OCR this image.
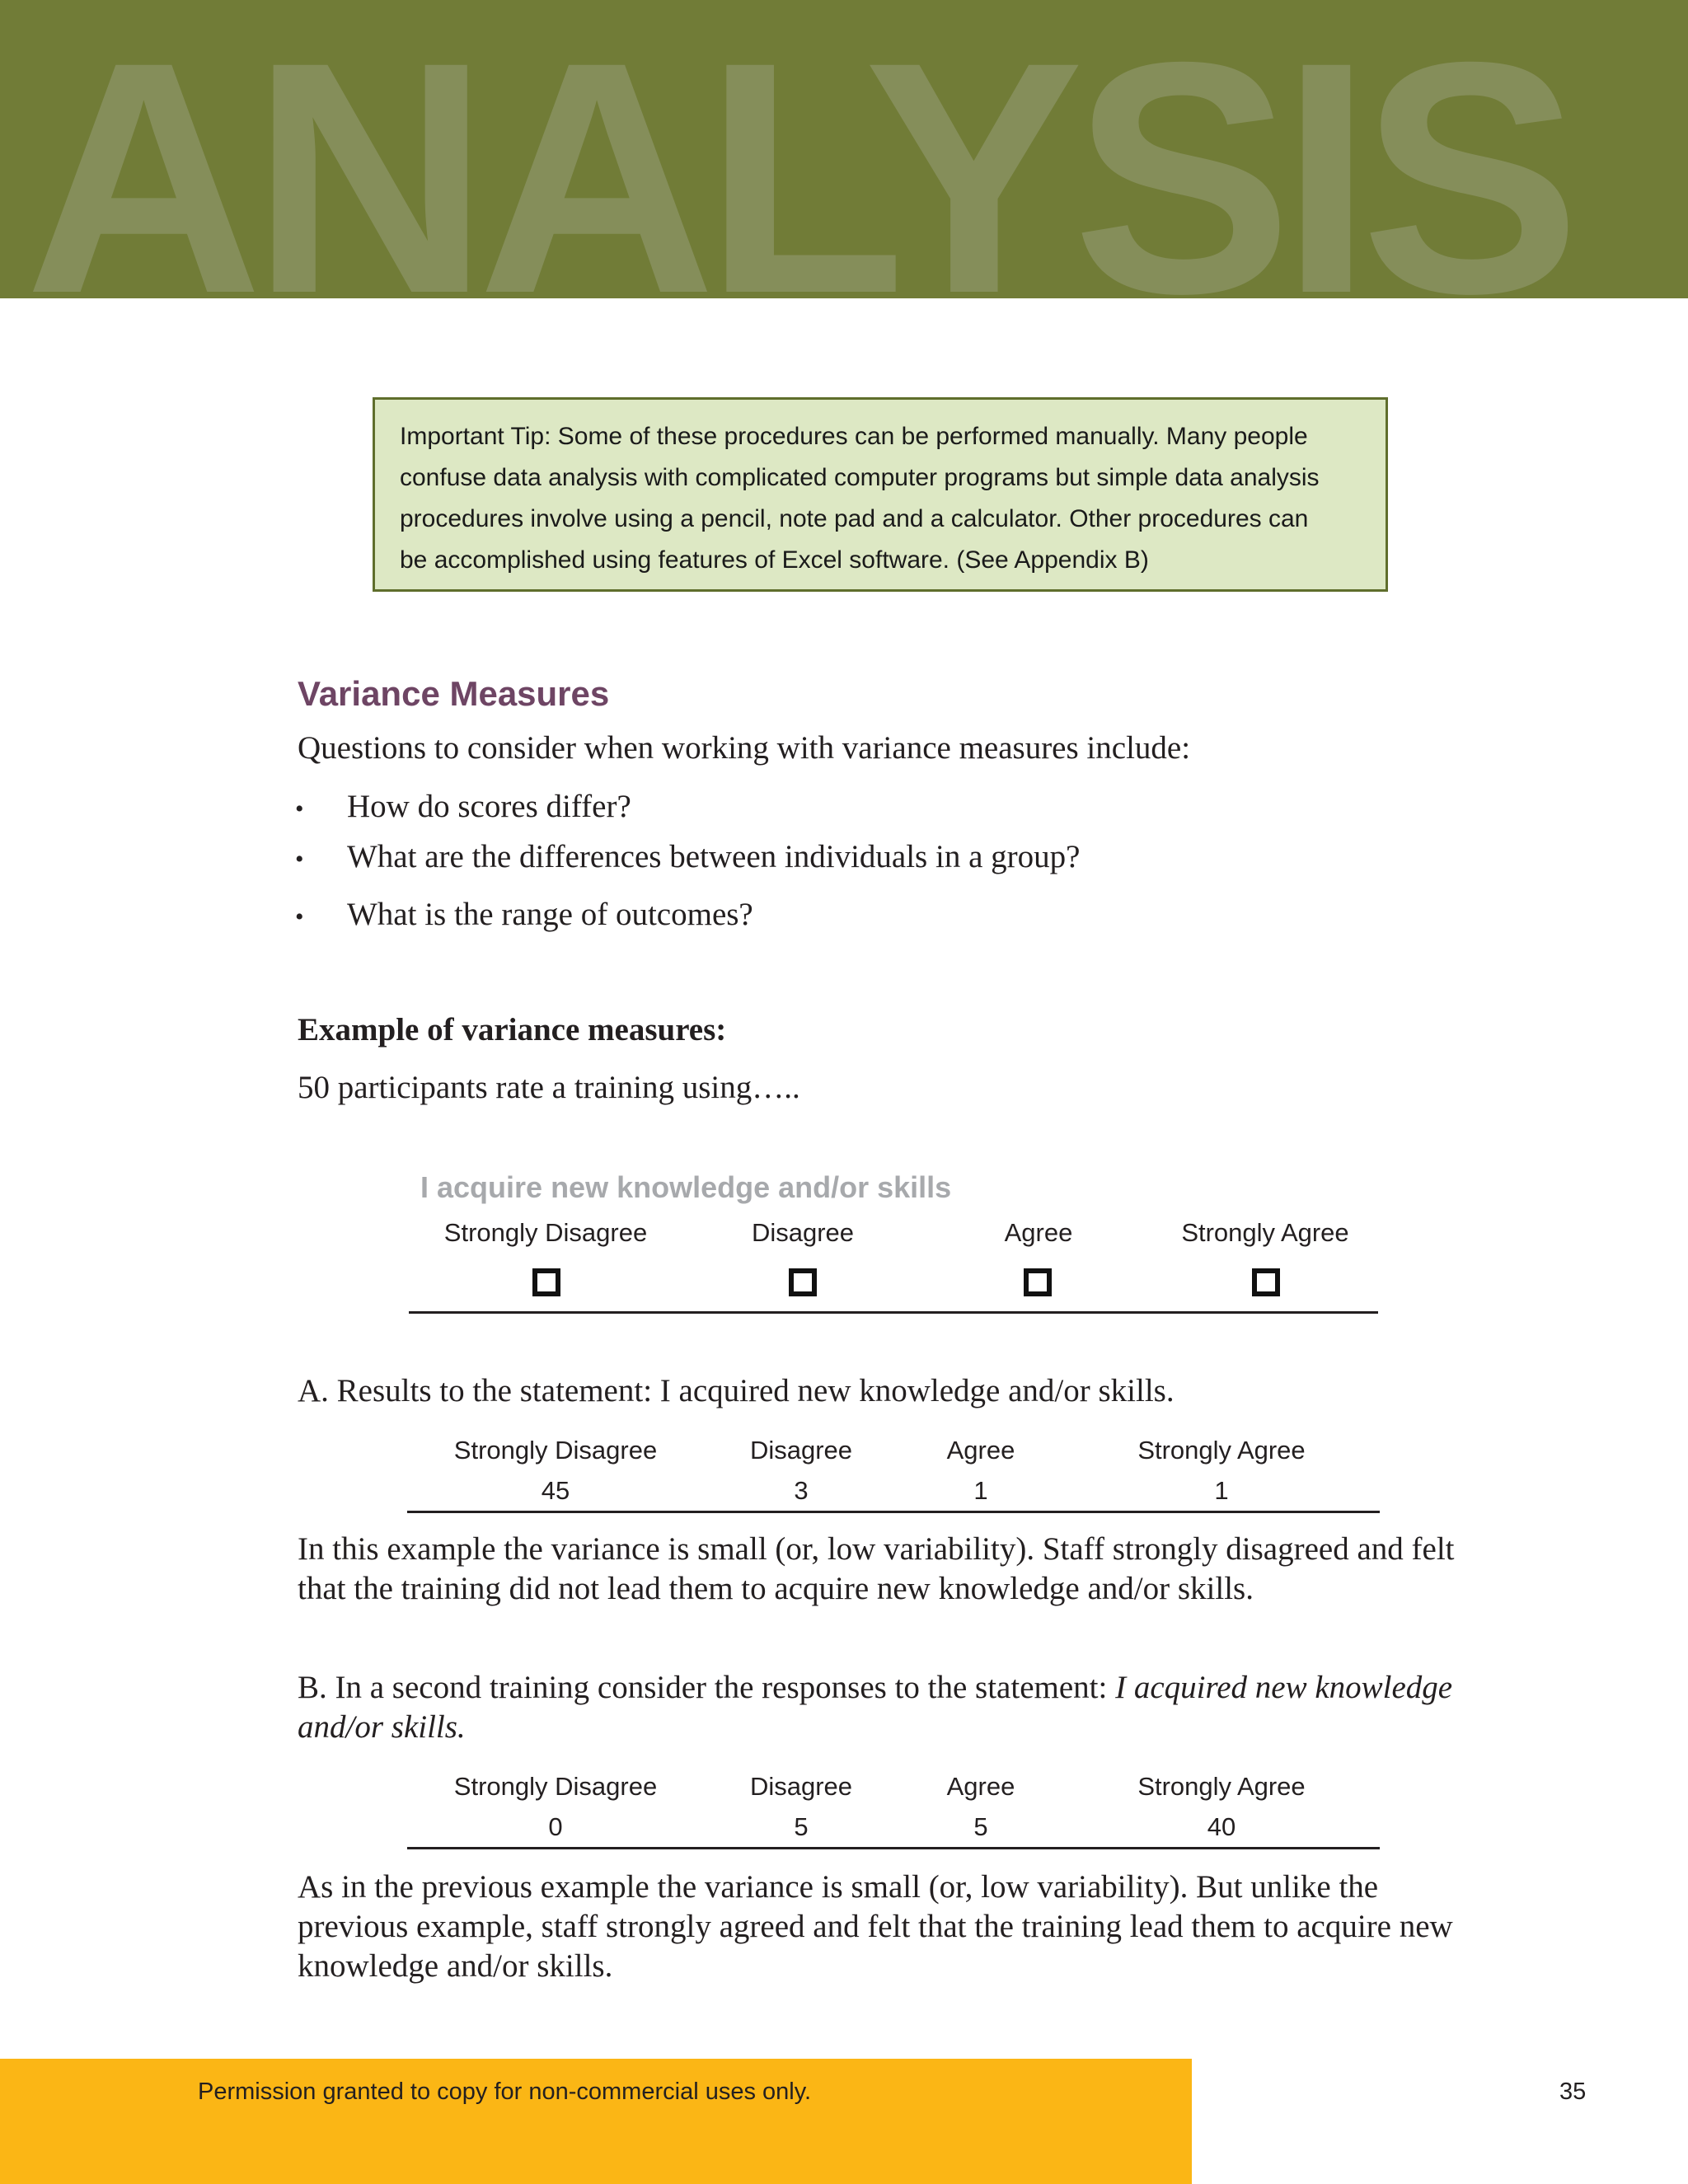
ANALYSIS
Important Tip: Some of these procedures can be performed manually. Many people
confuse data analysis with complicated computer programs but simple data analysis
procedures involve using a pencil, note pad and a calculator. Other procedures can
be accomplished using features of Excel software. (See Appendix B)
Variance Measures
Questions to consider when working with variance measures include:
• How do scores differ?
• What are the differences between individuals in a group?
• What is the range of outcomes?
Example of variance measures:
50 participants rate a training using…..
I acquire new knowledge and/or skills
Strongly Disagree	Disagree	Agree	Strongly Agree
A. Results to the statement: I acquired new knowledge and/or skills.
Strongly Disagree	Disagree	Agree	Strongly Agree
45	3	1	1
In this example the variance is small (or, low variability). Staff strongly disagreed and felt
that the training did not lead them to acquire new knowledge and/or skills.
B. In a second training consider the responses to the statement: I acquired new knowledge
and/or skills.
Strongly Disagree	Disagree	Agree	Strongly Agree
0	5	5	40
As in the previous example the variance is small (or, low variability). But unlike the
previous example, staff strongly agreed and felt that the training lead them to acquire new
knowledge and/or skills.
Permission granted to copy for non-commercial uses only.	35
